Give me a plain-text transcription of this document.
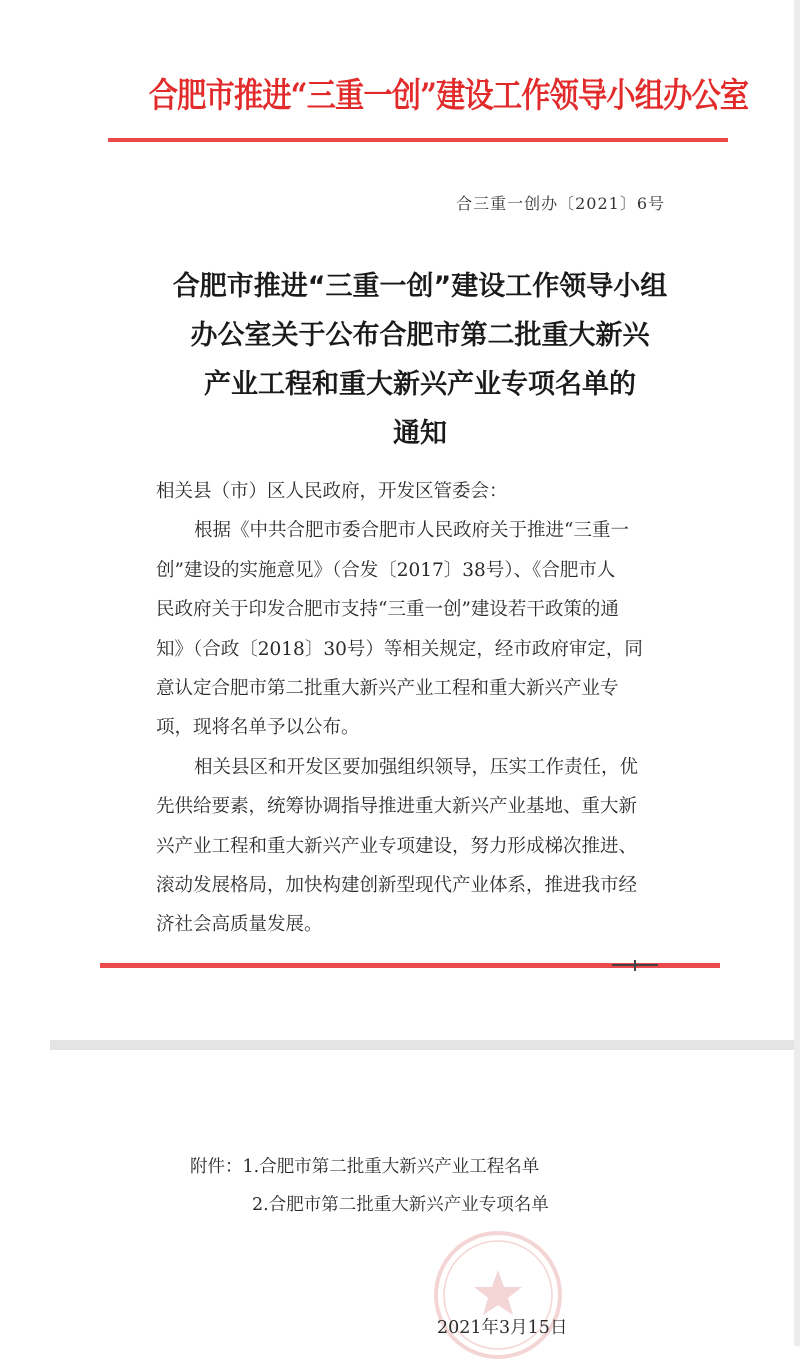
合肥市推进“三重一创”建设工作领导小组办公室
合三重一创办〔2021〕6号
合肥市推进“三重一创”建设工作领导小组
办公室关于公布合肥市第二批重大新兴
产业工程和重大新兴产业专项名单的
通知
相关县（市）区人民政府，开发区管委会：
根据《中共合肥市委合肥市人民政府关于推进“三重一
创”建设的实施意见》（合发〔2017〕38号）、《合肥市人
民政府关于印发合肥市支持“三重一创”建设若干政策的通
知》（合政〔2018〕30号）等相关规定，经市政府审定，同
意认定合肥市第二批重大新兴产业工程和重大新兴产业专
项，现将名单予以公布。
相关县区和开发区要加强组织领导，压实工作责任，优
先供给要素，统筹协调指导推进重大新兴产业基地、重大新
兴产业工程和重大新兴产业专项建设，努力形成梯次推进、
滚动发展格局，加快构建创新型现代产业体系，推进我市经
济社会高质量发展。
附件：1.合肥市第二批重大新兴产业工程名单
2.合肥市第二批重大新兴产业专项名单
2021年3月15日
